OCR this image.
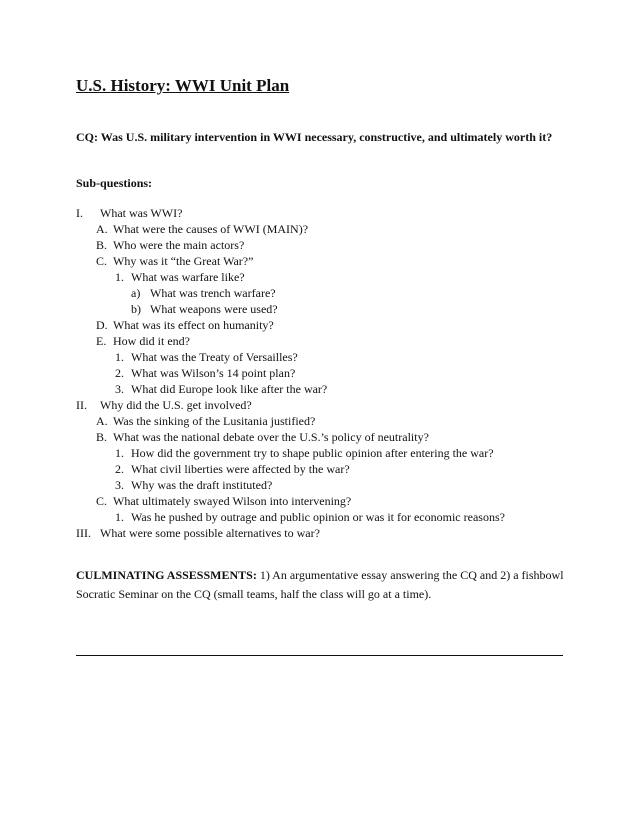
U.S. History: WWI Unit Plan
CQ: Was U.S. military intervention in WWI necessary, constructive, and ultimately worth it?
Sub-questions:
I. What was WWI?
A. What were the causes of WWI (MAIN)?
B. Who were the main actors?
C. Why was it “the Great War?”
1. What was warfare like?
a) What was trench warfare?
b) What weapons were used?
D. What was its effect on humanity?
E. How did it end?
1. What was the Treaty of Versailles?
2. What was Wilson’s 14 point plan?
3. What did Europe look like after the war?
II. Why did the U.S. get involved?
A. Was the sinking of the Lusitania justified?
B. What was the national debate over the U.S.’s policy of neutrality?
1. How did the government try to shape public opinion after entering the war?
2. What civil liberties were affected by the war?
3. Why was the draft instituted?
C. What ultimately swayed Wilson into intervening?
1. Was he pushed by outrage and public opinion or was it for economic reasons?
III. What were some possible alternatives to war?
CULMINATING ASSESSMENTS: 1) An argumentative essay answering the CQ and 2) a fishbowl Socratic Seminar on the CQ (small teams, half the class will go at a time).
